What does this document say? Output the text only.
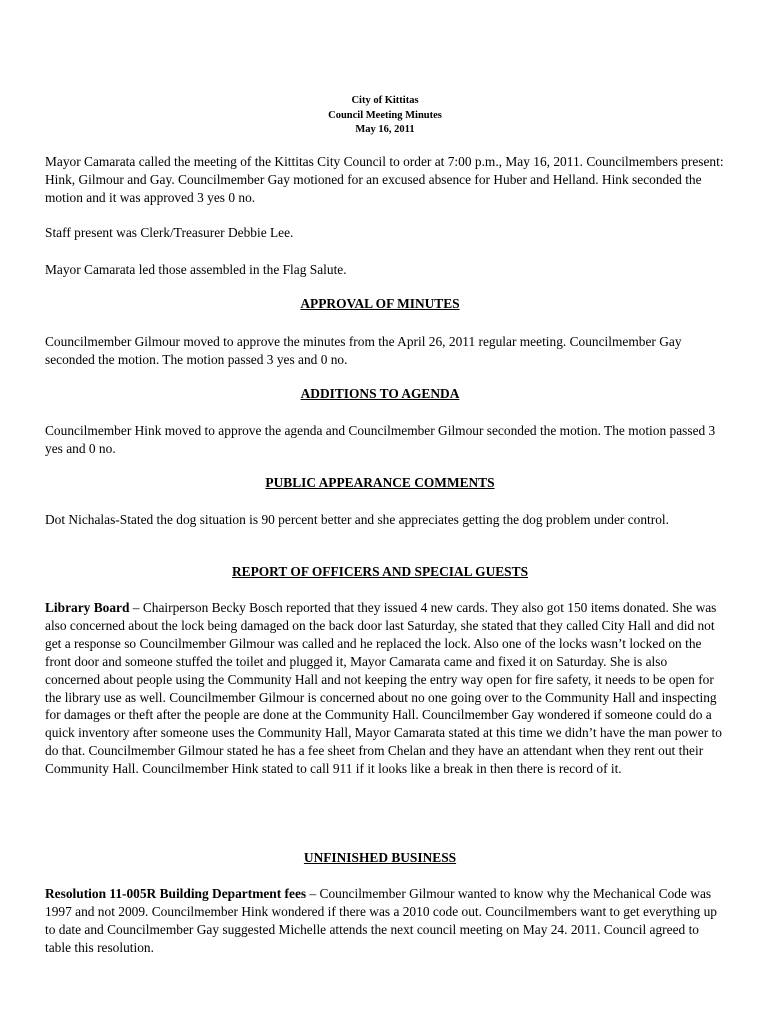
City of Kittitas
Council Meeting Minutes
May 16, 2011

Mayor Camarata called the meeting of the Kittitas City Council to order at 7:00 p.m., May 16, 2011. Councilmembers present: Hink, Gilmour and Gay. Councilmember Gay motioned for an excused absence for Huber and Helland. Hink seconded the motion and it was approved 3 yes 0 no.

Staff present was Clerk/Treasurer Debbie Lee.

Mayor Camarata led those assembled in the Flag Salute.

APPROVAL OF MINUTES

Councilmember Gilmour moved to approve the minutes from the April 26, 2011 regular meeting. Councilmember Gay seconded the motion. The motion passed 3 yes and 0 no.

ADDITIONS TO AGENDA

Councilmember Hink moved to approve the agenda and Councilmember Gilmour seconded the motion. The motion passed 3 yes and 0 no.

PUBLIC APPEARANCE COMMENTS

Dot Nichalas-Stated the dog situation is 90 percent better and she appreciates getting the dog problem under control.

REPORT OF OFFICERS AND SPECIAL GUESTS

Library Board – Chairperson Becky Bosch reported that they issued 4 new cards. They also got 150 items donated. She was also concerned about the lock being damaged on the back door last Saturday, she stated that they called City Hall and did not get a response so Councilmember Gilmour was called and he replaced the lock. Also one of the locks wasn’t locked on the front door and someone stuffed the toilet and plugged it, Mayor Camarata came and fixed it on Saturday. She is also concerned about people using the Community Hall and not keeping the entry way open for fire safety, it needs to be open for the library use as well. Councilmember Gilmour is concerned about no one going over to the Community Hall and inspecting for damages or theft after the people are done at the Community Hall. Councilmember Gay wondered if someone could do a quick inventory after someone uses the Community Hall, Mayor Camarata stated at this time we didn’t have the man power to do that. Councilmember Gilmour stated he has a fee sheet from Chelan and they have an attendant when they rent out their Community Hall. Councilmember Hink stated to call 911 if it looks like a break in then there is record of it.

UNFINISHED BUSINESS

Resolution 11-005R Building Department fees – Councilmember Gilmour wanted to know why the Mechanical Code was 1997 and not 2009. Councilmember Hink wondered if there was a 2010 code out. Councilmembers want to get everything up to date and Councilmember Gay suggested Michelle attends the next council meeting on May 24. 2011. Council agreed to table this resolution.
